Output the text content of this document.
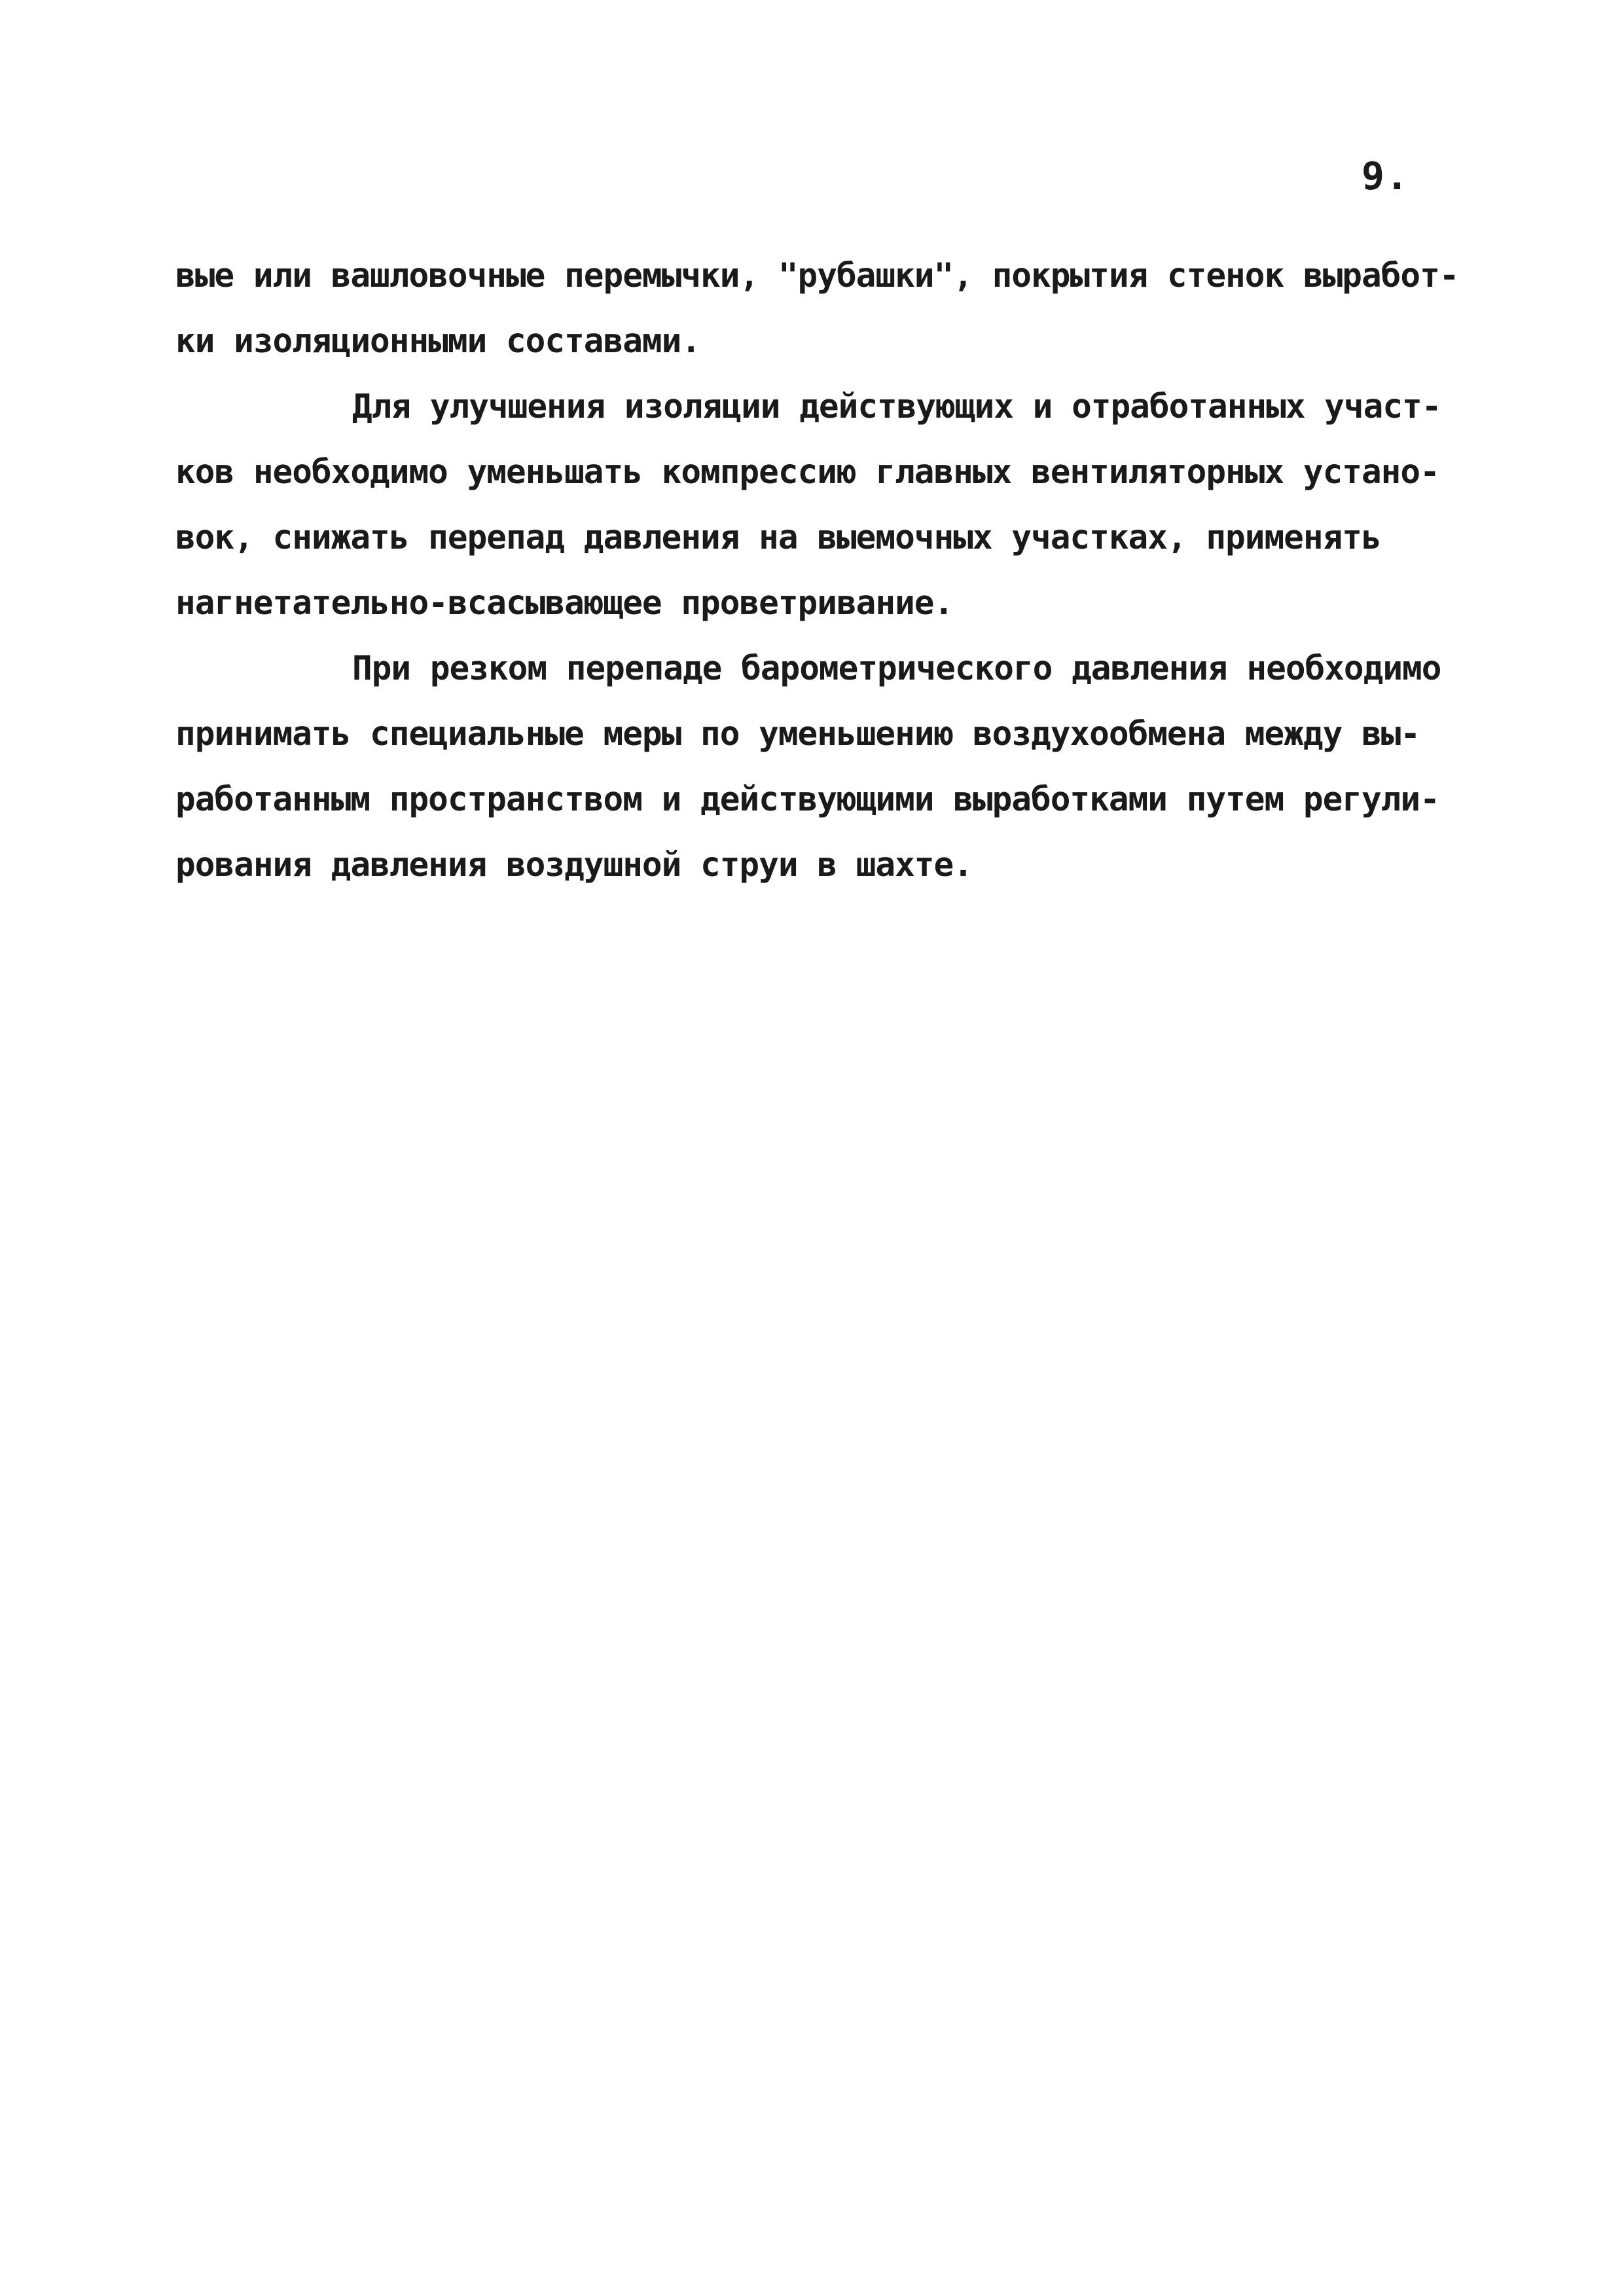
9.
вые или вашловочные перемычки, "рубашки", покрытия стенок выработ-
ки изоляционными составами.
Для улучшения изоляции действующих и отработанных участ-
ков необходимо уменьшать компрессию главных вентиляторных устано-
вок, снижать перепад давления на выемочных участках, применять
нагнетательно-всасывающее проветривание.
При резком перепаде барометрического давления необходимо
принимать специальные меры по уменьшению воздухообмена между вы-
работанным пространством и действующими выработками путем регули-
рования давления воздушной струи в шахте.
